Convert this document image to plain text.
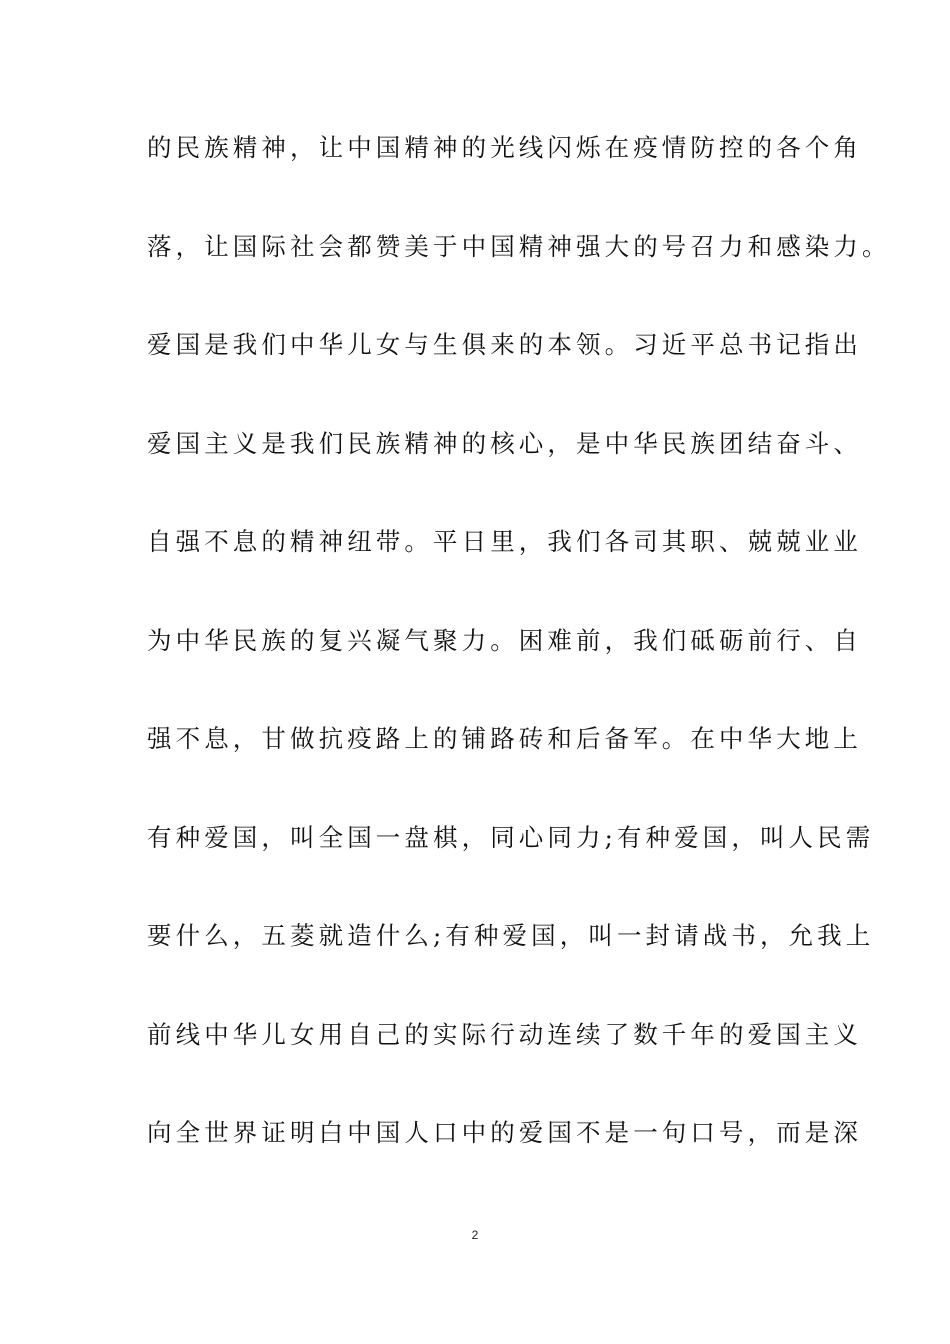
的民族精神，让中国精神的光线闪烁在疫情防控的各个角
落，让国际社会都赞美于中国精神强大的号召力和感染力。
爱国是我们中华儿女与生俱来的本领。习近平总书记指出
爱国主义是我们民族精神的核心，是中华民族团结奋斗、
自强不息的精神纽带。平日里，我们各司其职、兢兢业业
为中华民族的复兴凝气聚力。困难前，我们砥砺前行、自
强不息，甘做抗疫路上的铺路砖和后备军。在中华大地上
有种爱国，叫全国一盘棋，同心同力;有种爱国，叫人民需
要什么，五菱就造什么;有种爱国，叫一封请战书，允我上
前线中华儿女用自己的实际行动连续了数千年的爱国主义
向全世界证明白中国人口中的爱国不是一句口号，而是深
2
